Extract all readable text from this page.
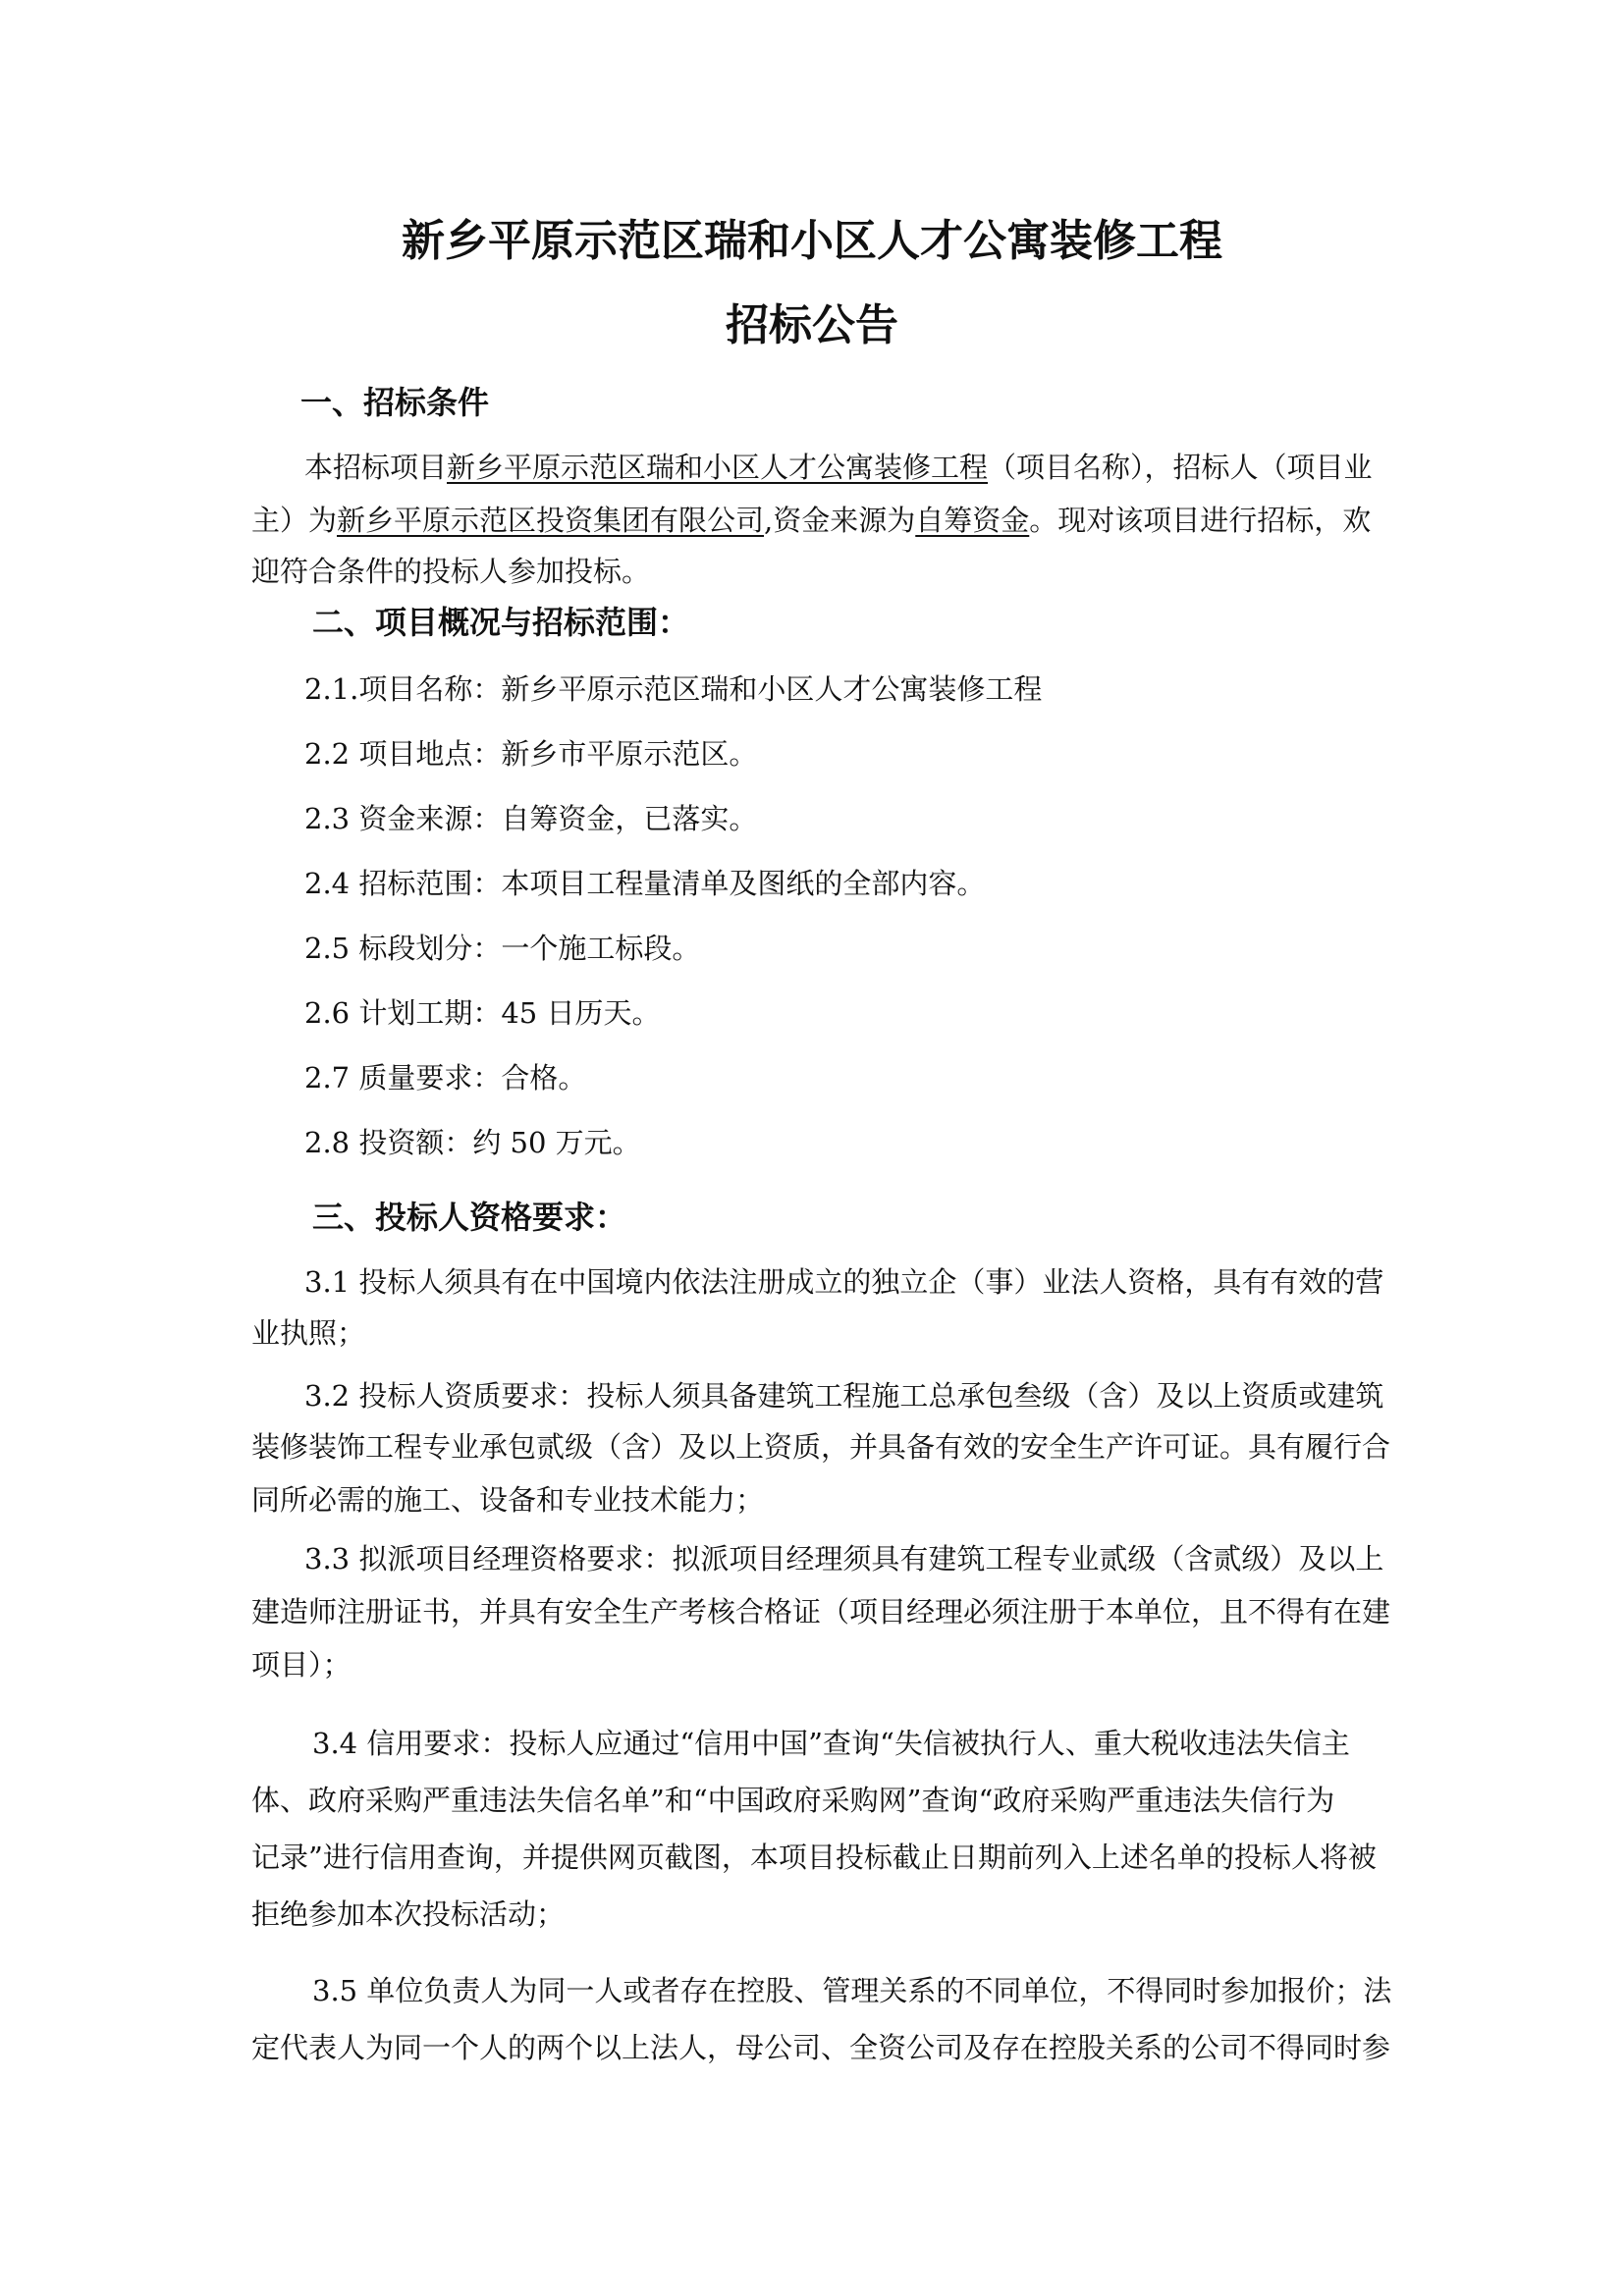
新乡平原示范区瑞和小区人才公寓装修工程
招标公告
一、招标条件
本招标项目新乡平原示范区瑞和小区人才公寓装修工程（项目名称），招标人（项目业
主）为新乡平原示范区投资集团有限公司,资金来源为自筹资金。现对该项目进行招标，欢
迎符合条件的投标人参加投标。
二、项目概况与招标范围：
2.1.项目名称：新乡平原示范区瑞和小区人才公寓装修工程
2.2 项目地点：新乡市平原示范区。
2.3 资金来源：自筹资金，已落实。
2.4 招标范围：本项目工程量清单及图纸的全部内容。
2.5 标段划分：一个施工标段。
2.6 计划工期：45 日历天。
2.7 质量要求：合格。
2.8 投资额：约 50 万元。
三、投标人资格要求：
3.1 投标人须具有在中国境内依法注册成立的独立企（事）业法人资格，具有有效的营
业执照；
3.2 投标人资质要求：投标人须具备建筑工程施工总承包叁级（含）及以上资质或建筑
装修装饰工程专业承包贰级（含）及以上资质，并具备有效的安全生产许可证。具有履行合
同所必需的施工、设备和专业技术能力；
3.3 拟派项目经理资格要求：拟派项目经理须具有建筑工程专业贰级（含贰级）及以上
建造师注册证书，并具有安全生产考核合格证（项目经理必须注册于本单位，且不得有在建
项目）；
3.4 信用要求：投标人应通过“信用中国”查询“失信被执行人、重大税收违法失信主
体、政府采购严重违法失信名单”和“中国政府采购网”查询“政府采购严重违法失信行为
记录”进行信用查询，并提供网页截图，本项目投标截止日期前列入上述名单的投标人将被
拒绝参加本次投标活动；
3.5 单位负责人为同一人或者存在控股、管理关系的不同单位，不得同时参加报价；法
定代表人为同一个人的两个以上法人，母公司、全资公司及存在控股关系的公司不得同时参
